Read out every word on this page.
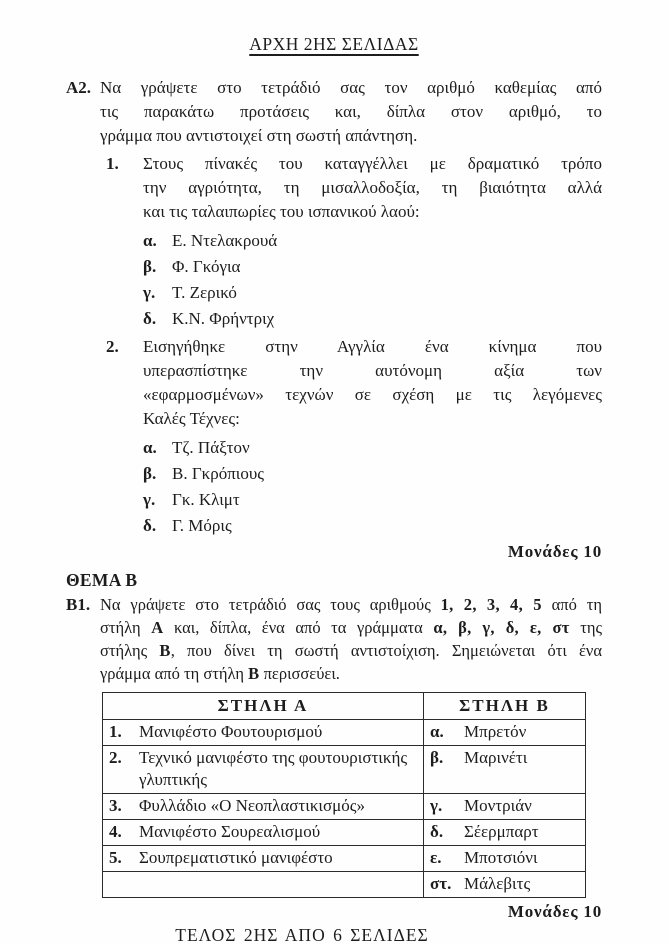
ΑΡΧΗ 2ΗΣ ΣΕΛΙΔΑΣ
Α2. Να γράψετε στο τετράδιό σας τον αριθμό καθεμίας από
τις παρακάτω προτάσεις και, δίπλα στον αριθμό, το
γράμμα που αντιστοιχεί στη σωστή απάντηση.
1.	Στους πίνακές του καταγγέλλει με δραματικό τρόπο
την αγριότητα, τη μισαλλοδοξία, τη βιαιότητα αλλά
και τις ταλαιπωρίες του ισπανικού λαού:
α. Ε. Ντελακρουά
β. Φ. Γκόγια
γ. Τ. Ζερικό
δ. Κ.Ν. Φρήντριχ
2.	Εισηγήθηκε στην Αγγλία ένα κίνημα που
υπερασπίστηκε την αυτόνομη αξία των
«εφαρμοσμένων» τεχνών σε σχέση με τις λεγόμενες
Καλές Τέχνες:
α. Τζ. Πάξτον
β. Β. Γκρόπιους
γ. Γκ. Κλιμτ
δ. Γ. Μόρις
Μονάδες 10
ΘΕΜΑ Β
Β1. Να γράψετε στο τετράδιό σας τους αριθμούς 1, 2, 3, 4, 5 από τη
στήλη Α και, δίπλα, ένα από τα γράμματα α, β, γ, δ, ε, στ της
στήλης Β, που δίνει τη σωστή αντιστοίχιση. Σημειώνεται ότι ένα
γράμμα από τη στήλη Β περισσεύει.
ΣΤΗΛΗ Α	ΣΤΗΛΗ Β

1. Μανιφέστο Φουτουρισμού	α. Μπρετόν

2. Τεχνικό μανιφέστο της φουτουριστικής γλυπτικής	β. Μαρινέτι

3. Φυλλάδιο «Ο Νεοπλαστικισμός»	γ. Μοντριάν

4. Μανιφέστο Σουρεαλισμού	δ. Σέερμπαρτ

5. Σουπρεματιστικό μανιφέστο	ε. Μποτσιόνι

	στ. Μάλεβιτς
Μονάδες 10
ΤΕΛΟΣ 2ΗΣ ΑΠΟ 6 ΣΕΛΙΔΕΣ
